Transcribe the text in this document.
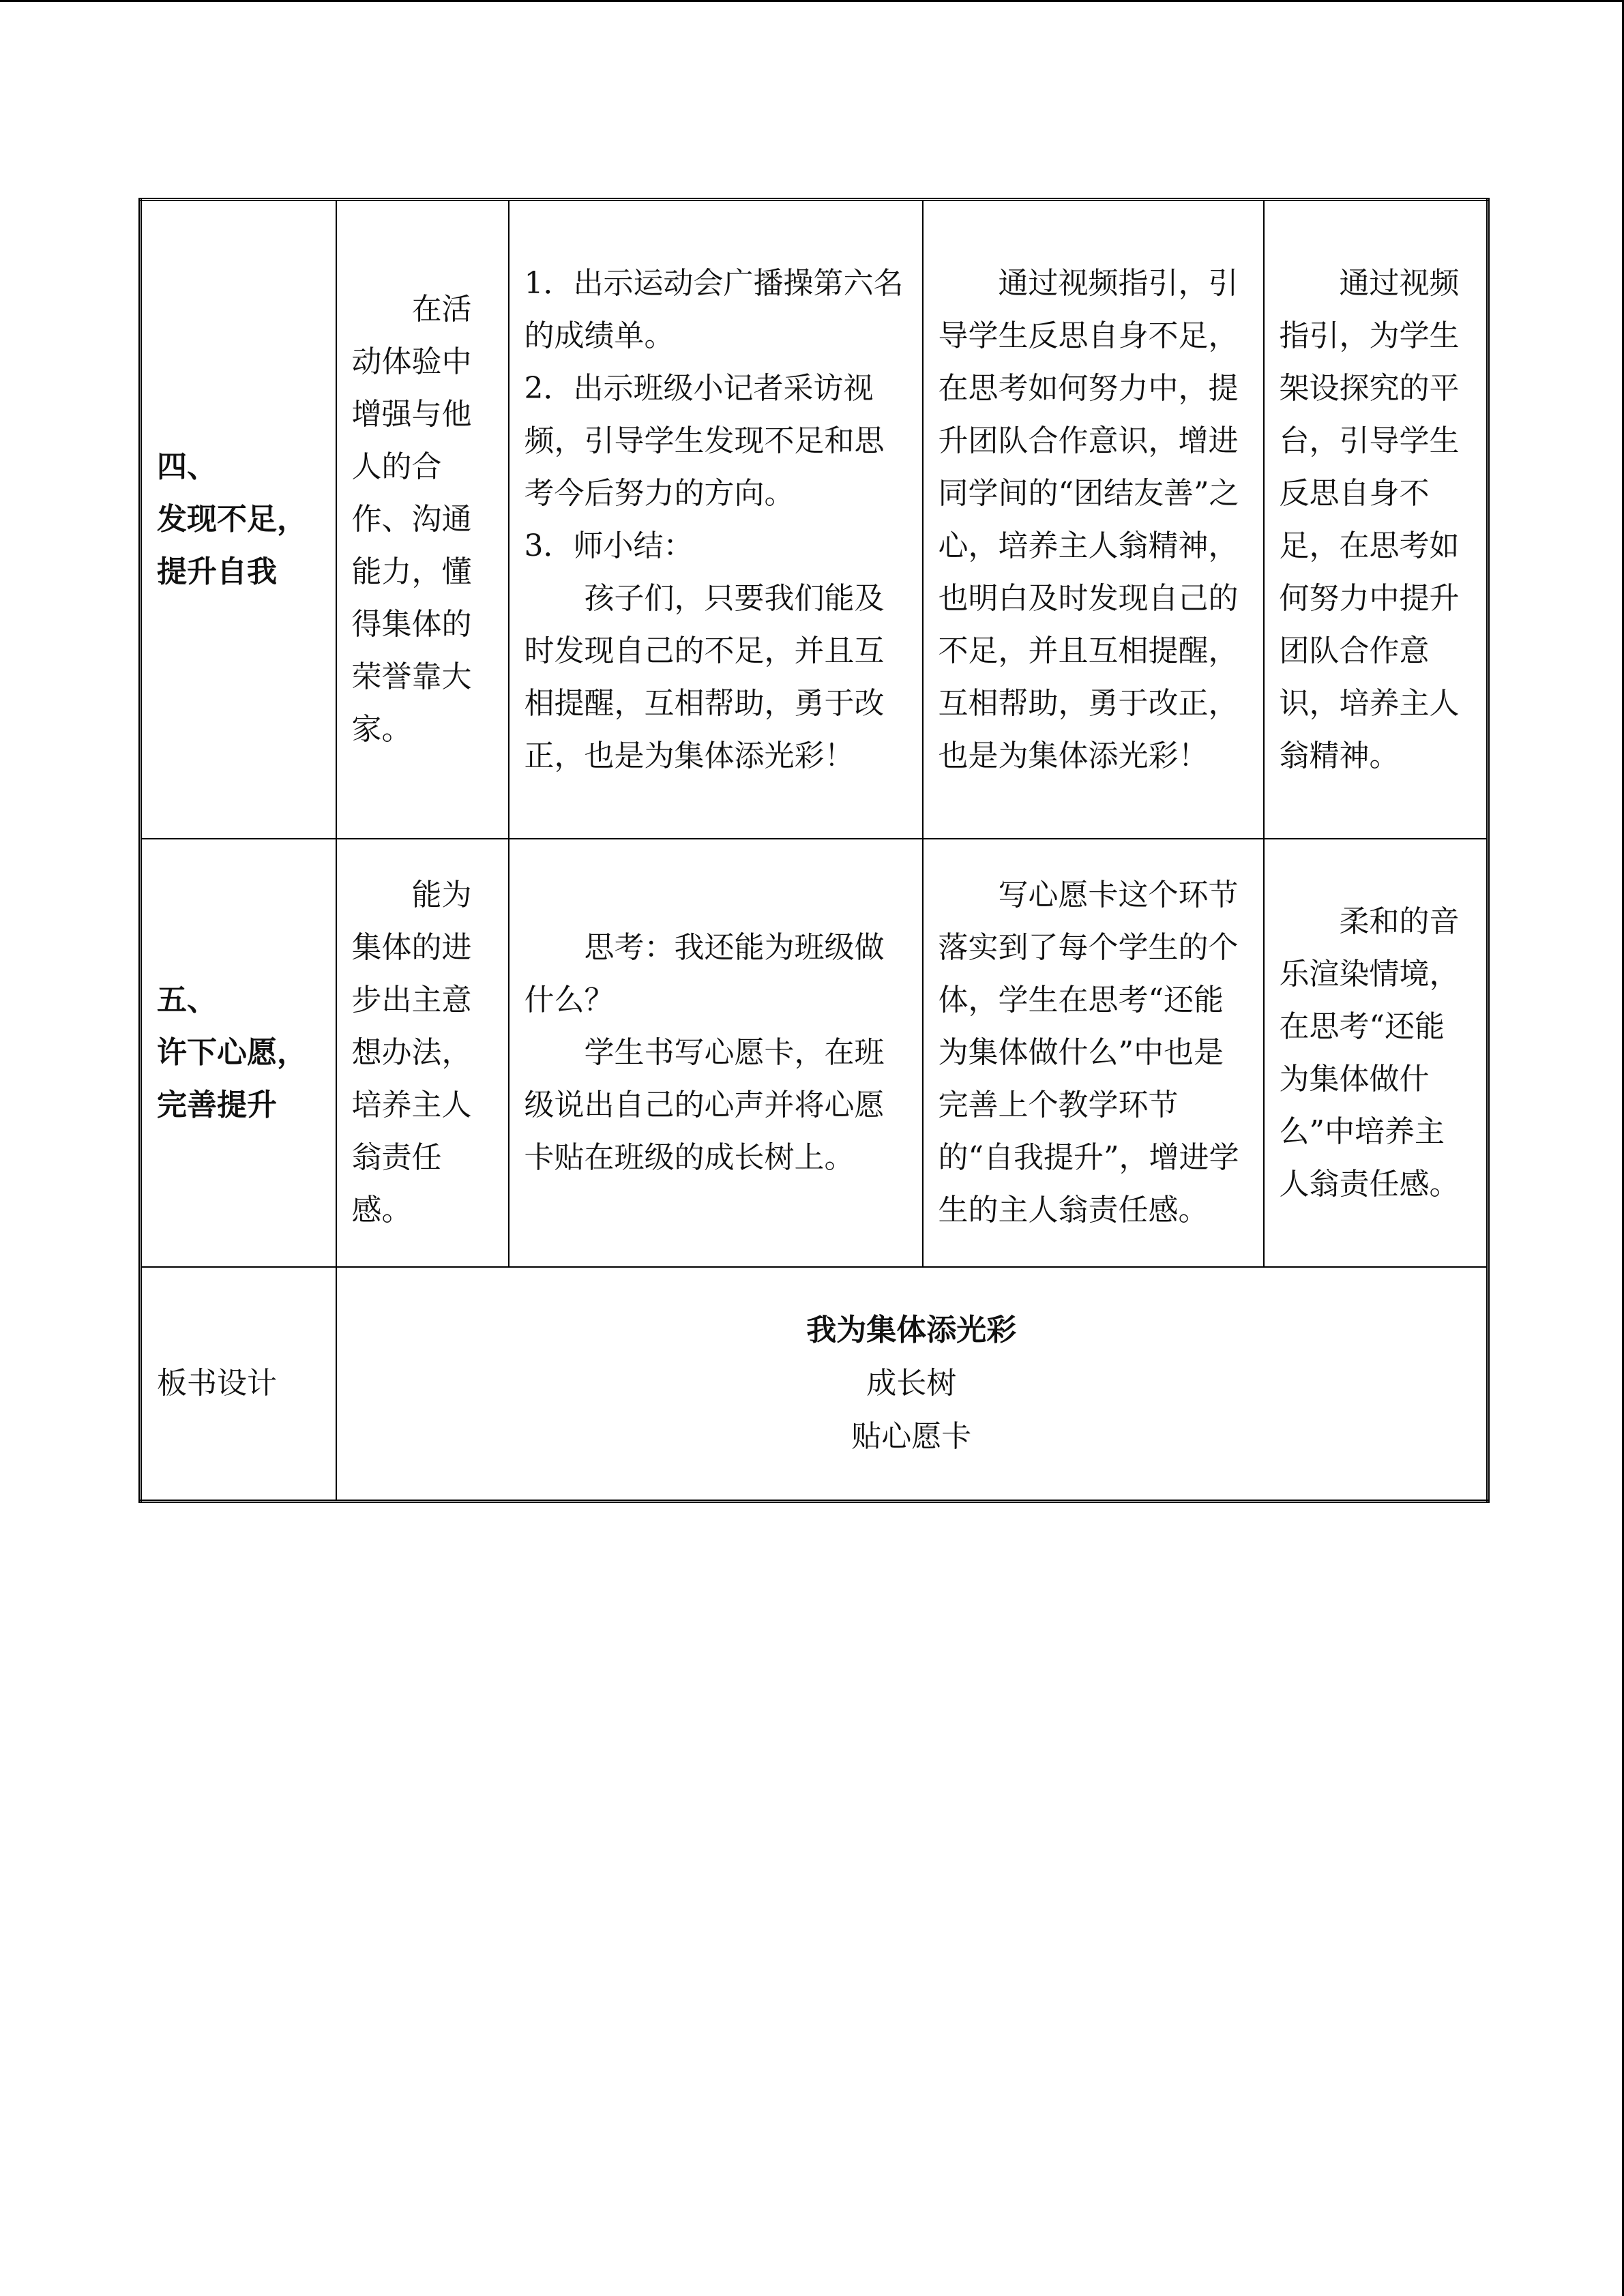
四、
发现不足，
提升自我	在活动体验中增强与他人的合作、沟通能力，懂得集体的荣誉靠大家。	1．出示运动会广播操第六名的成绩单。
2．出示班级小记者采访视频，引导学生发现不足和思考今后努力的方向。
3．师小结：
孩子们，只要我们能及时发现自己的不足，并且互相提醒，互相帮助，勇于改正，也是为集体添光彩！	通过视频指引，引导学生反思自身不足，在思考如何努力中，提升团队合作意识，增进同学间的“团结友善”之心，培养主人翁精神，也明白及时发现自己的不足，并且互相提醒，互相帮助，勇于改正，也是为集体添光彩！	通过视频指引，为学生架设探究的平台，引导学生反思自身不足，在思考如何努力中提升团队合作意识，培养主人翁精神。

五、
许下心愿，
完善提升	能为集体的进步出主意想办法，培养主人翁责任感。	思考：我还能为班级做什么？
学生书写心愿卡，在班级说出自己的心声并将心愿卡贴在班级的成长树上。	写心愿卡这个环节落实到了每个学生的个体，学生在思考“还能为集体做什么”中也是完善上个教学环节的“自我提升”，增进学生的主人翁责任感。	柔和的音乐渲染情境，在思考“还能为集体做什么”中培养主人翁责任感。

板书设计	我为集体添光彩
成长树
贴心愿卡			
